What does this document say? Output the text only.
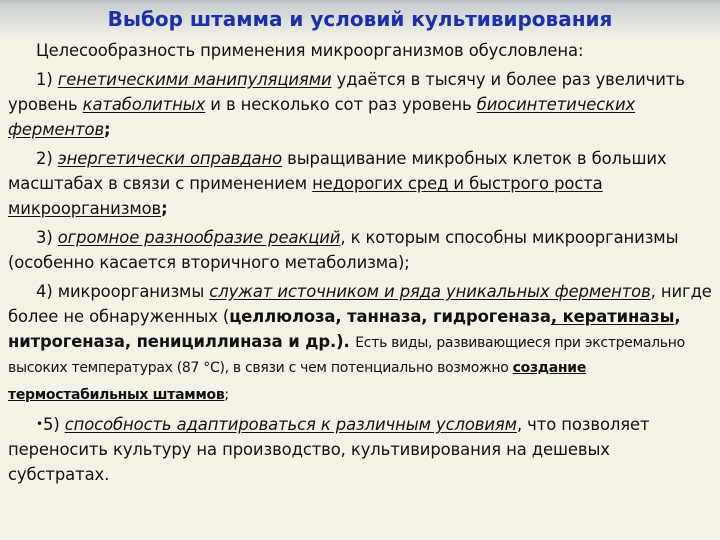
Выбор штамма и условий культивирования

Целесообразность применения микроорганизмов обусловлена:

1) генетическими манипуляциями удаётся в тысячу и более раз увеличить уровень катаболитных и в несколько сот раз уровень биосинтетических ферментов;

2) энергетически оправдано выращивание микробных клеток в больших масштабах в связи с применением недорогих сред и быстрого роста микроорганизмов;

3) огромное разнообразие реакций, к которым способны микроорганизмы (особенно касается вторичного метаболизма);

4) микроорганизмы служат источником и ряда уникальных ферментов, нигде более не обнаруженных (целлюлоза, танназа, гидрогеназа, кератиназы, нитрогеназа, пенициллиназа и др.). Есть виды, развивающиеся при экстремально высоких температурах (87 °С), в связи с чем потенциально возможно создание термостабильных штаммов;

•5) способность адаптироваться к различным условиям, что позволяет переносить культуру на производство, культивирования на дешевых субстратах.
